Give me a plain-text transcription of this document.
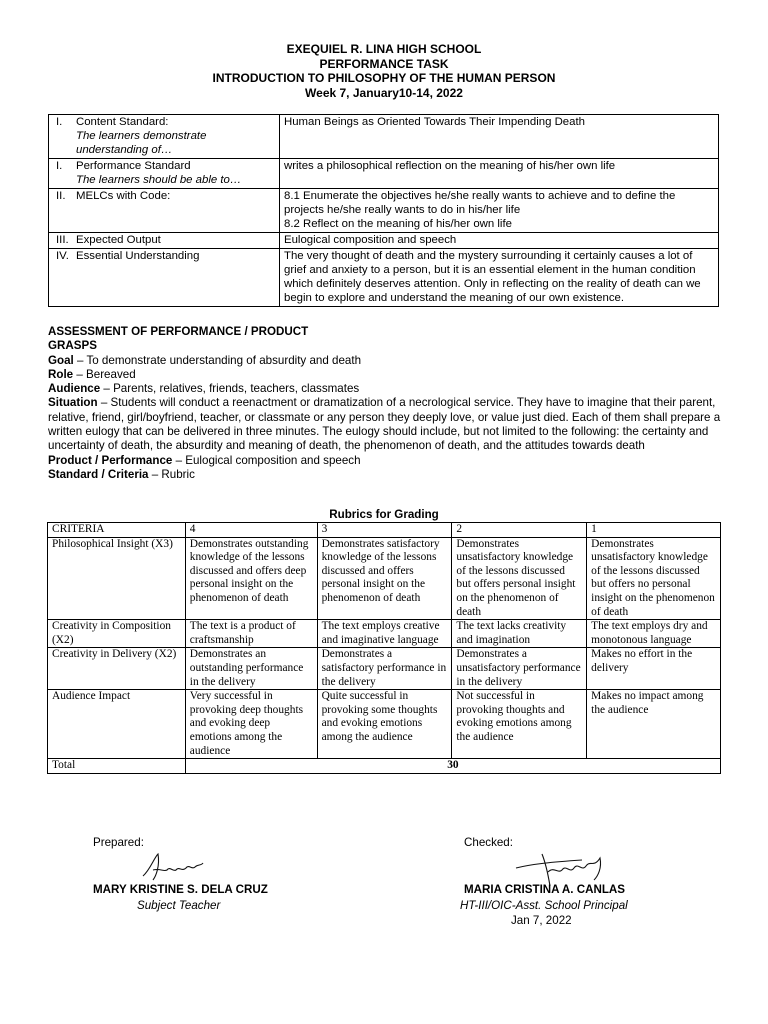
EXEQUIEL R. LINA HIGH SCHOOL
PERFORMANCE TASK
INTRODUCTION TO PHILOSOPHY OF THE HUMAN PERSON
Week 7, January10-14, 2022
I. Content Standard:
The learners demonstrate
understanding of…	Human Beings as Oriented Towards Their Impending Death

I. Performance Standard
The learners should be able to…	writes a philosophical reflection on the meaning of his/her own life

II. MELCs with Code:	8.1 Enumerate the objectives he/she really wants to achieve and to define the projects he/she really wants to do in his/her life
8.2 Reflect on the meaning of his/her own life

III. Expected Output	Eulogical composition and speech

IV. Essential Understanding	The very thought of death and the mystery surrounding it certainly causes a lot of grief and anxiety to a person, but it is an essential element in the human condition which definitely deserves attention. Only in reflecting on the reality of death can we begin to explore and understand the meaning of our own existence.

ASSESSMENT OF PERFORMANCE / PRODUCT

GRASPS

Goal – To demonstrate understanding of absurdity and death

Role – Bereaved

Audience – Parents, relatives, friends, teachers, classmates

Situation – Students will conduct a reenactment or dramatization of a necrological service. They have to imagine that their parent, relative, friend, girl/boyfriend, teacher, or classmate or any person they deeply love, or value just died. Each of them shall prepare a written eulogy that can be delivered in three minutes. The eulogy should include, but not limited to the following: the certainty and uncertainty of death, the absurdity and meaning of death, the phenomenon of death, and the attitudes towards death

Product / Performance – Eulogical composition and speech

Standard / Criteria – Rubric

Rubrics for Grading
CRITERIA	4	3	2	1
Philosophical Insight (X3)	Demonstrates outstanding knowledge of the lessons discussed and offers deep personal insight on the phenomenon of death	Demonstrates satisfactory knowledge of the lessons discussed and offers personal insight on the phenomenon of death	Demonstrates unsatisfactory knowledge of the lessons discussed but offers personal insight on the phenomenon of death	Demonstrates unsatisfactory knowledge of the lessons discussed but offers no personal insight on the phenomenon of death
Creativity in Composition (X2)	The text is a product of craftsmanship	The text employs creative and imaginative language	The text lacks creativity and imagination	The text employs dry and monotonous language
Creativity in Delivery (X2)	Demonstrates an outstanding performance in the delivery	Demonstrates a satisfactory performance in the delivery	Demonstrates a unsatisfactory performance in the delivery	Makes no effort in the delivery
Audience Impact	Very successful in provoking deep thoughts and evoking deep emotions among the audience	Quite successful in provoking some thoughts and evoking emotions among the audience	Not successful in provoking thoughts and evoking emotions among the audience	Makes no impact among the audience
Total	30			
Prepared:
MARY KRISTINE S. DELA CRUZ
Subject Teacher
Checked:
MARIA CRISTINA A. CANLAS
HT-III/OIC-Asst. School Principal
Jan 7, 2022
